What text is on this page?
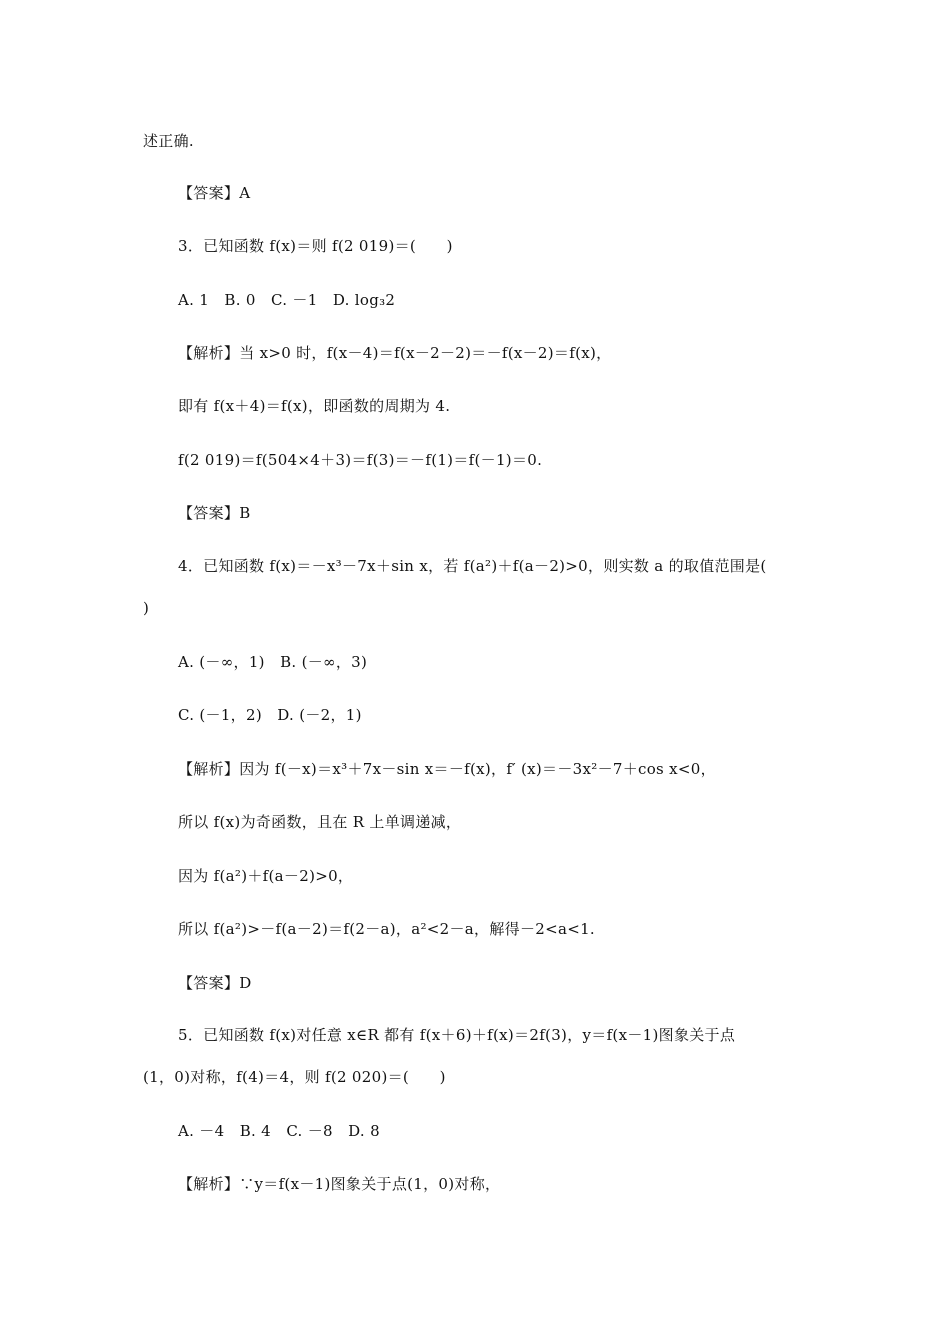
述正确.
【答案】A
3．已知函数 f(x)＝则 f(2 019)＝(　　)
A. 1　B. 0　C. －1　D. log₃2
【解析】当 x>0 时，f(x－4)＝f(x－2－2)＝－f(x－2)＝f(x)，
即有 f(x＋4)＝f(x)，即函数的周期为 4.
f(2 019)＝f(504×4＋3)＝f(3)＝－f(1)＝f(－1)＝0.
【答案】B
4．已知函数 f(x)＝－x³－7x＋sin x，若 f(a²)＋f(a－2)>0，则实数 a 的取值范围是(
)
A. (－∞，1)　B. (－∞，3)
C. (－1，2)　D. (－2，1)
【解析】因为 f(－x)＝x³＋7x－sin x＝－f(x)，f′ (x)＝－3x²－7＋cos x<0，
所以 f(x)为奇函数，且在 R 上单调递减，
因为 f(a²)＋f(a－2)>0，
所以 f(a²)>－f(a－2)＝f(2－a)，a²<2－a，解得－2<a<1.
【答案】D
5．已知函数 f(x)对任意 x∈R 都有 f(x＋6)＋f(x)＝2f(3)，y＝f(x－1)图象关于点
(1，0)对称，f(4)＝4，则 f(2 020)＝(　　)
A. －4　B. 4　C. －8　D. 8
【解析】∵y＝f(x－1)图象关于点(1，0)对称，
